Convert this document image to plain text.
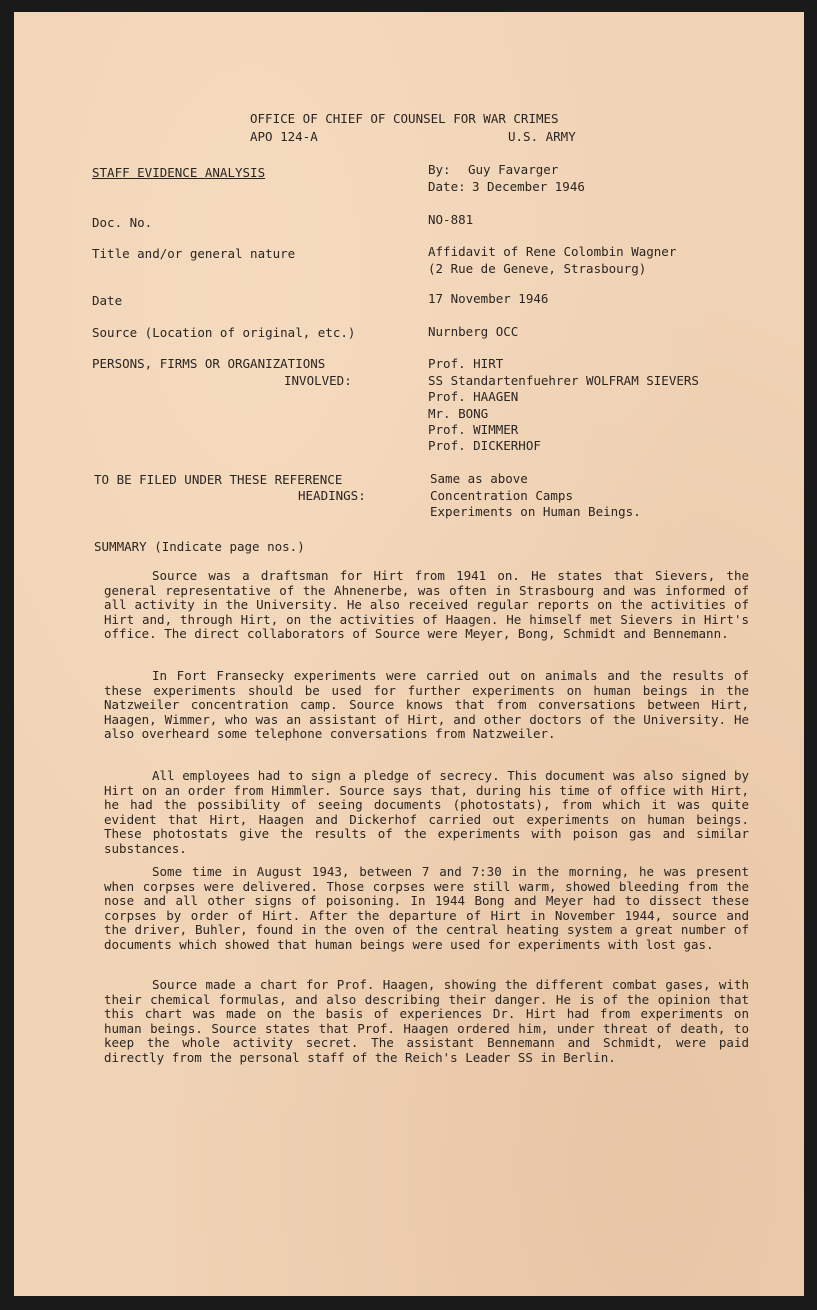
OFFICE OF CHIEF OF COUNSEL FOR WAR CRIMES
APO 124-A	U.S. ARMY
STAFF EVIDENCE ANALYSIS	By: Guy Favarger
Date: 3 December 1946
Doc. No.	NO-881
Title and/or general nature	Affidavit of Rene Colombin Wagner
(2 Rue de Geneve, Strasbourg)
Date	17 November 1946
Source (Location of original, etc.)	Nurnberg OCC
PERSONS, FIRMS OR ORGANIZATIONS
INVOLVED:
Prof. HIRT
SS Standartenfuehrer WOLFRAM SIEVERS
Prof. HAAGEN
Mr. BONG
Prof. WIMMER
Prof. DICKERHOF
TO BE FILED UNDER THESE REFERENCE
HEADINGS:
Same as above
Concentration Camps
Experiments on Human Beings.
SUMMARY (Indicate page nos.)

Source was a draftsman for Hirt from 1941 on. He states that Sievers, the general representative of the Ahnenerbe, was often in Strasbourg and was informed of all activity in the University. He also received regular reports on the activities of Hirt and, through Hirt, on the activities of Haagen. He himself met Sievers in Hirt's office. The direct collaborators of Source were Meyer, Bong, Schmidt and Bennemann.

In Fort Fransecky experiments were carried out on animals and the results of these experiments should be used for further experiments on human beings in the Natzweiler concentration camp. Source knows that from conversations between Hirt, Haagen, Wimmer, who was an assistant of Hirt, and other doctors of the University. He also overheard some telephone conversations from Natzweiler.

All employees had to sign a pledge of secrecy. This document was also signed by Hirt on an order from Himmler. Source says that, during his time of office with Hirt, he had the possibility of seeing documents (photostats), from which it was quite evident that Hirt, Haagen and Dickerhof carried out experiments on human beings. These photostats give the results of the experiments with poison gas and similar substances.

Some time in August 1943, between 7 and 7:30 in the morning, he was present when corpses were delivered. Those corpses were still warm, showed bleeding from the nose and all other signs of poisoning. In 1944 Bong and Meyer had to dissect these corpses by order of Hirt. After the departure of Hirt in November 1944, source and the driver, Buhler, found in the oven of the central heating system a great number of documents which showed that human beings were used for experiments with lost gas.

Source made a chart for Prof. Haagen, showing the different combat gases, with their chemical formulas, and also describing their danger. He is of the opinion that this chart was made on the basis of experiences Dr. Hirt had from experiments on human beings. Source states that Prof. Haagen ordered him, under threat of death, to keep the whole activity secret. The assistant Bennemann and Schmidt, were paid directly from the personal staff of the Reich's Leader SS in Berlin.
